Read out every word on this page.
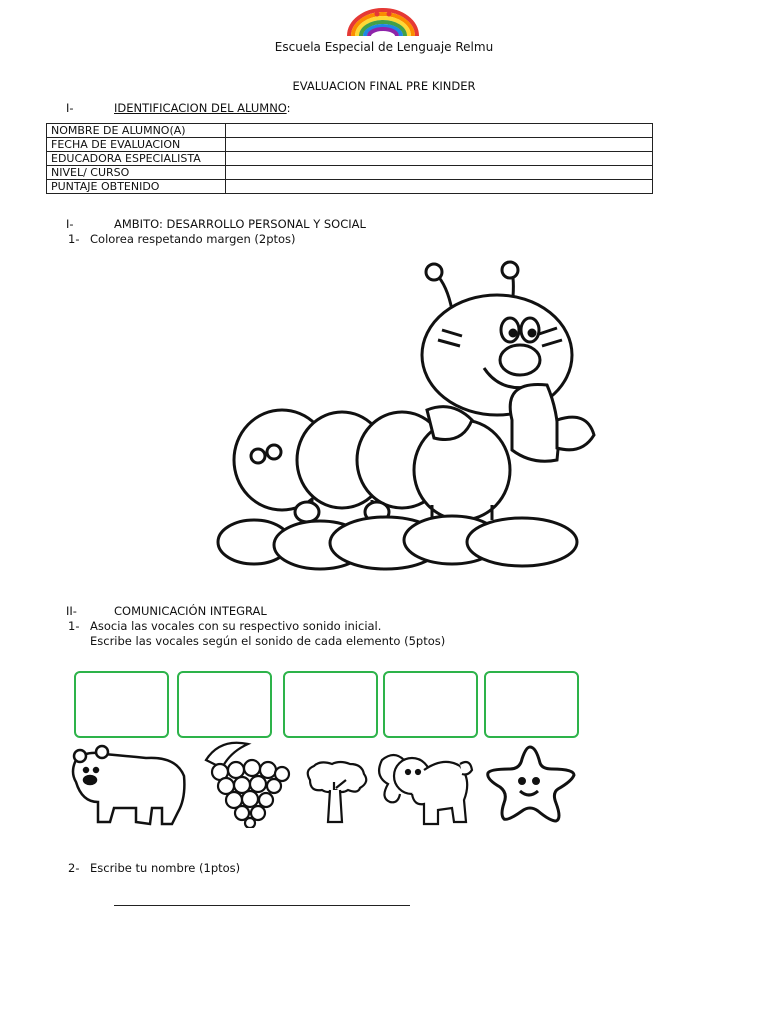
Escuela Especial de Lenguaje Relmu
EVALUACION FINAL PRE KINDER
I-	IDENTIFICACION DEL ALUMNO:
NOMBRE DE ALUMNO(A)	
FECHA DE EVALUACION	
EDUCADORA ESPECIALISTA	
NIVEL/ CURSO	
PUNTAJE OBTENIDO	
I-	AMBITO: DESARROLLO PERSONAL Y SOCIAL
1- Colorea respetando margen (2ptos)
II-	COMUNICACIÓN INTEGRAL
1- Asocia las vocales con su respectivo sonido inicial.
Escribe las vocales según el sonido de cada elemento (5ptos)
2- Escribe tu nombre (1ptos)
